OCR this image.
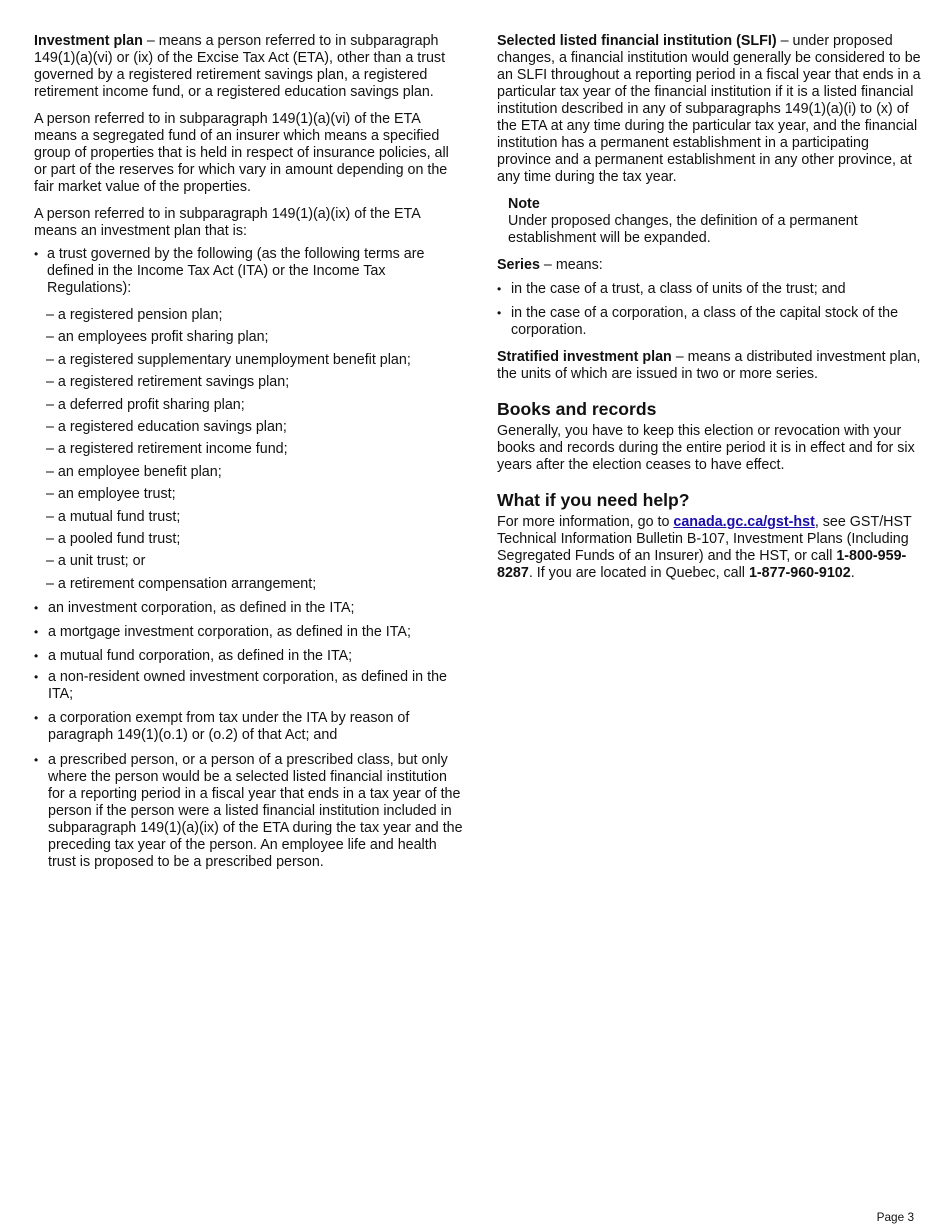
Investment plan – means a person referred to in subparagraph 149(1)(a)(vi) or (ix) of the Excise Tax Act (ETA), other than a trust governed by a registered retirement savings plan, a registered retirement income fund, or a registered education savings plan.

A person referred to in subparagraph 149(1)(a)(vi) of the ETA means a segregated fund of an insurer which means a specified group of properties that is held in respect of insurance policies, all or part of the reserves for which vary in amount depending on the fair market value of the properties.

A person referred to in subparagraph 149(1)(a)(ix) of the ETA means an investment plan that is:

• a trust governed by the following (as the following terms are defined in the Income Tax Act (ITA) or the Income Tax Regulations):
– a registered pension plan;
– an employees profit sharing plan;
– a registered supplementary unemployment benefit plan;
– a registered retirement savings plan;
– a deferred profit sharing plan;
– a registered education savings plan;
– a registered retirement income fund;
– an employee benefit plan;
– an employee trust;
– a mutual fund trust;
– a pooled fund trust;
– a unit trust; or
– a retirement compensation arrangement;
• an investment corporation, as defined in the ITA;
• a mortgage investment corporation, as defined in the ITA;
• a mutual fund corporation, as defined in the ITA;
• a non-resident owned investment corporation, as defined in the ITA;
• a corporation exempt from tax under the ITA by reason of paragraph 149(1)(o.1) or (o.2) of that Act; and
• a prescribed person, or a person of a prescribed class, but only where the person would be a selected listed financial institution for a reporting period in a fiscal year that ends in a tax year of the person if the person were a listed financial institution included in subparagraph 149(1)(a)(ix) of the ETA during the tax year and the preceding tax year of the person. An employee life and health trust is proposed to be a prescribed person.

Selected listed financial institution (SLFI) – under proposed changes, a financial institution would generally be considered to be an SLFI throughout a reporting period in a fiscal year that ends in a particular tax year of the financial institution if it is a listed financial institution described in any of subparagraphs 149(1)(a)(i) to (x) of the ETA at any time during the particular tax year, and the financial institution has a permanent establishment in a participating province and a permanent establishment in any other province, at any time during the tax year.

Note
Under proposed changes, the definition of a permanent establishment will be expanded.

Series – means:

• in the case of a trust, a class of units of the trust; and
• in the case of a corporation, a class of the capital stock of the corporation.

Stratified investment plan – means a distributed investment plan, the units of which are issued in two or more series.

Books and records

Generally, you have to keep this election or revocation with your books and records during the entire period it is in effect and for six years after the election ceases to have effect.

What if you need help?

For more information, go to canada.gc.ca/gst-hst, see GST/HST Technical Information Bulletin B-107, Investment Plans (Including Segregated Funds of an Insurer) and the HST, or call 1-800-959-8287. If you are located in Quebec, call 1-877-960-9102.

Page 3
